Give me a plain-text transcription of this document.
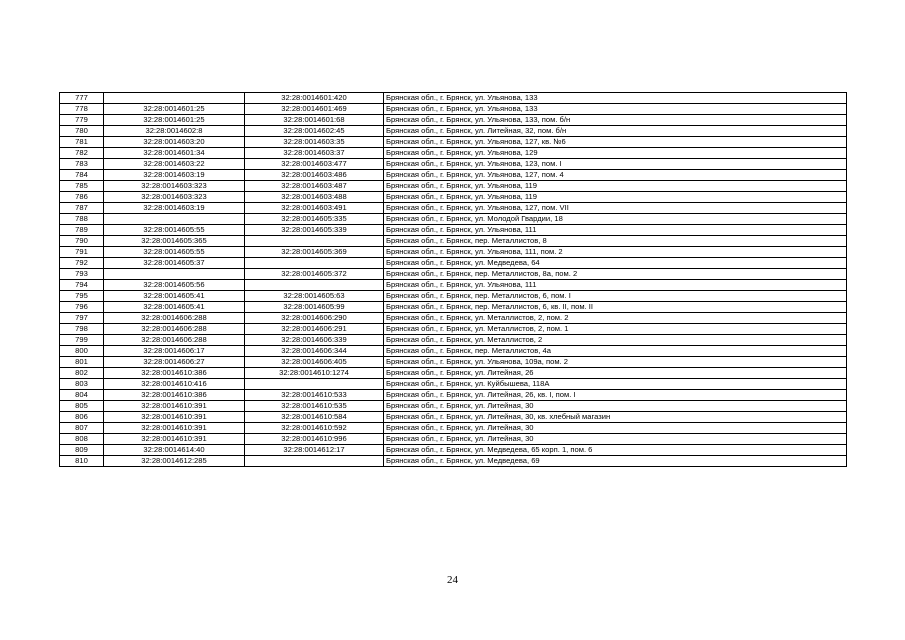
777		32:28:0014601:420	Брянская обл., г. Брянск, ул. Ульянова, 133
778	32:28:0014601:25	32:28:0014601:469	Брянская обл., г. Брянск, ул. Ульянова, 133
779	32:28:0014601:25	32:28:0014601:68	Брянская обл., г. Брянск, ул. Ульянова, 133, пом. б/н
780	32:28:0014602:8	32:28:0014602:45	Брянская обл., г. Брянск, ул. Литейная, 32, пом. б/н
781	32:28:0014603:20	32:28:0014603:35	Брянская обл., г. Брянск, ул. Ульянова, 127, кв. №6
782	32:28:0014601:34	32:28:0014603:37	Брянская обл., г. Брянск, ул. Ульянова, 129
783	32:28:0014603:22	32:28:0014603:477	Брянская обл., г. Брянск, ул. Ульянова, 123, пом. I
784	32:28:0014603:19	32:28:0014603:486	Брянская обл., г. Брянск, ул. Ульянова, 127, пом. 4
785	32:28:0014603:323	32:28:0014603:487	Брянская обл., г. Брянск, ул. Ульянова, 119
786	32:28:0014603:323	32:28:0014603:488	Брянская обл., г. Брянск, ул. Ульянова, 119
787	32:28:0014603:19	32:28:0014603:491	Брянская обл., г. Брянск, ул. Ульянова, 127, пом. VII
788		32:28:0014605:335	Брянская обл., г. Брянск, ул. Молодой Гвардии, 18
789	32:28:0014605:55	32:28:0014605:339	Брянская обл., г. Брянск, ул. Ульянова, 111
790	32:28:0014605:365		Брянская обл., г. Брянск, пер. Металлистов, 8
791	32:28:0014605:55	32:28:0014605:369	Брянская обл., г. Брянск, ул. Ульянова, 111, пом. 2
792	32:28:0014605:37		Брянская обл., г. Брянск, ул. Медведева, 64
793		32:28:0014605:372	Брянская обл., г. Брянск, пер. Металлистов, 8а, пом. 2
794	32:28:0014605:56		Брянская обл., г. Брянск, ул. Ульянова, 111
795	32:28:0014605:41	32:28:0014605:63	Брянская обл., г. Брянск, пер. Металлистов, 6, пом. I
796	32:28:0014605:41	32:28:0014605:99	Брянская обл., г. Брянск, пер. Металлистов, 6, кв. II, пом. II
797	32:28:0014606:288	32:28:0014606:290	Брянская обл., г. Брянск, ул. Металлистов, 2, пом. 2
798	32:28:0014606:288	32:28:0014606:291	Брянская обл., г. Брянск, ул. Металлистов, 2, пом. 1
799	32:28:0014606:288	32:28:0014606:339	Брянская обл., г. Брянск, ул. Металлистов, 2
800	32:28:0014606:17	32:28:0014606:344	Брянская обл., г. Брянск, пер. Металлистов, 4а
801	32:28:0014606:27	32:28:0014606:405	Брянская обл., г. Брянск, ул. Ульянова, 109а, пом. 2
802	32:28:0014610:386	32:28:0014610:1274	Брянская обл., г. Брянск, ул. Литейная, 26
803	32:28:0014610:416		Брянская обл., г. Брянск, ул. Куйбышева, 118А
804	32:28:0014610:386	32:28:0014610:533	Брянская обл., г. Брянск, ул. Литейная, 26, кв. I, пом. I
805	32:28:0014610:391	32:28:0014610:535	Брянская обл., г. Брянск, ул. Литейная, 30
806	32:28:0014610:391	32:28:0014610:584	Брянская обл., г. Брянск, ул. Литейная, 30, кв. хлебный магазин
807	32:28:0014610:391	32:28:0014610:592	Брянская обл., г. Брянск, ул. Литейная, 30
808	32:28:0014610:391	32:28:0014610:996	Брянская обл., г. Брянск, ул. Литейная, 30
809	32:28:0014614:40	32:28:0014612:17	Брянская обл., г. Брянск, ул. Медведева, 65 корп. 1, пом. 6
810	32:28:0014612:285		Брянская обл., г. Брянск, ул. Медведева, 69
24
